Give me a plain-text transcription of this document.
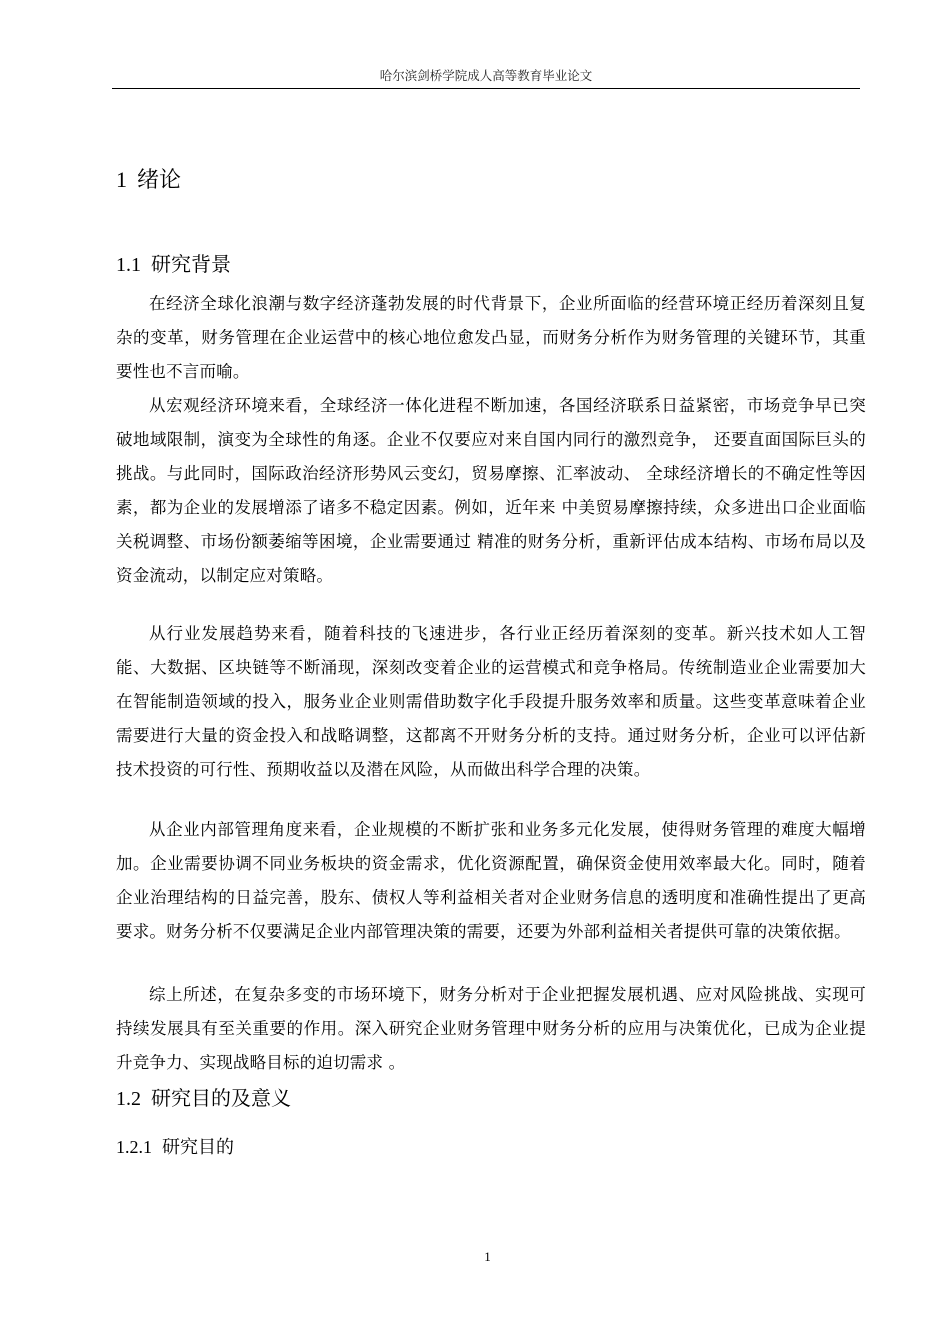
哈尔滨剑桥学院成人高等教育毕业论文
1 绪论
1.1 研究背景

在经济全球化浪潮与数字经济蓬勃发展的时代背景下，企业所面临的经营环境正经历着深刻且复杂的变革，财务管理在企业运营中的核心地位愈发凸显，而财务分析作为财务管理的关键环节，其重要性也不言而喻。

从宏观经济环境来看，全球经济一体化进程不断加速，各国经济联系日益紧密，市场竞争早已突破地域限制，演变为全球性的角逐。企业不仅要应对来自国内同行的激烈竞争， 还要直面国际巨头的挑战。与此同时，国际政治经济形势风云变幻，贸易摩擦、汇率波动、 全球经济增长的不确定性等因素，都为企业的发展增添了诸多不稳定因素。例如，近年来 中美贸易摩擦持续，众多进出口企业面临关税调整、市场份额萎缩等困境，企业需要通过 精准的财务分析，重新评估成本结构、市场布局以及资金流动，以制定应对策略。

从行业发展趋势来看，随着科技的飞速进步，各行业正经历着深刻的变革。新兴技术如人工智能、大数据、区块链等不断涌现，深刻改变着企业的运营模式和竞争格局。传统制造业企业需要加大在智能制造领域的投入，服务业企业则需借助数字化手段提升服务效率和质量。这些变革意味着企业需要进行大量的资金投入和战略调整，这都离不开财务分析的支持。通过财务分析，企业可以评估新技术投资的可行性、预期收益以及潜在风险，从而做出科学合理的决策。

从企业内部管理角度来看，企业规模的不断扩张和业务多元化发展，使得财务管理的难度大幅增加。企业需要协调不同业务板块的资金需求，优化资源配置，确保资金使用效率最大化。同时，随着企业治理结构的日益完善，股东、债权人等利益相关者对企业财务信息的透明度和准确性提出了更高要求。财务分析不仅要满足企业内部管理决策的需要，还要为外部利益相关者提供可靠的决策依据。

综上所述，在复杂多变的市场环境下，财务分析对于企业把握发展机遇、应对风险挑战、实现可持续发展具有至关重要的作用。深入研究企业财务管理中财务分析的应用与决策优化，已成为企业提升竞争力、实现战略目标的迫切需求 。

1.2 研究目的及意义
1.2.1 研究目的
1
